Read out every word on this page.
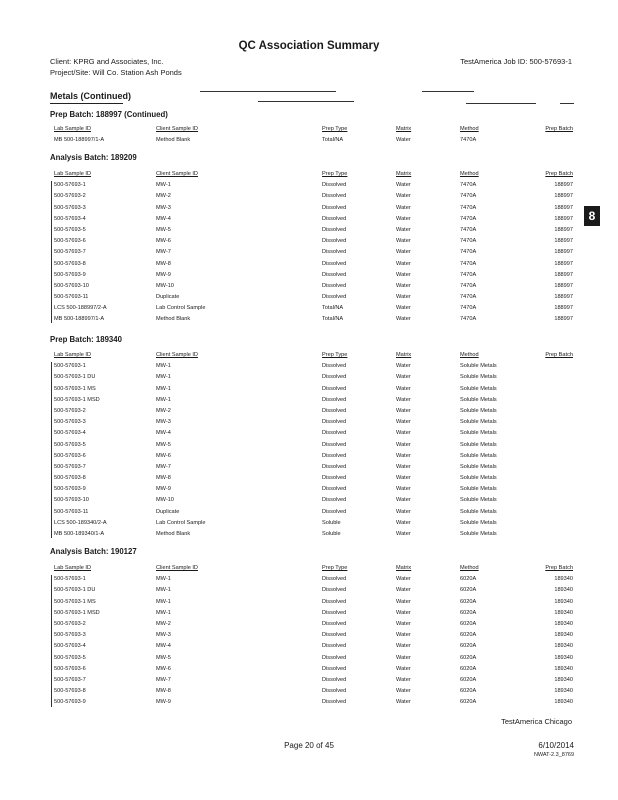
QC Association Summary
Client: KPRG and Associates, Inc.
Project/Site: Will Co. Station Ash Ponds
TestAmerica Job ID: 500-57693-1
Metals (Continued)
8
Prep Batch: 188997 (Continued)
Lab Sample ID	Client Sample ID	Prep Type	Matrix	Method	Prep Batch
MB 500-188997/1-A	Method Blank	Total/NA	Water	7470A
Analysis Batch: 189209
Lab Sample ID	Client Sample ID	Prep Type	Matrix	Method	Prep Batch
500-57693-1	MW-1	Dissolved	Water	7470A	188997
500-57693-2	MW-2	Dissolved	Water	7470A	188997
500-57693-3	MW-3	Dissolved	Water	7470A	188997
500-57693-4	MW-4	Dissolved	Water	7470A	188997
500-57693-5	MW-5	Dissolved	Water	7470A	188997
500-57693-6	MW-6	Dissolved	Water	7470A	188997
500-57693-7	MW-7	Dissolved	Water	7470A	188997
500-57693-8	MW-8	Dissolved	Water	7470A	188997
500-57693-9	MW-9	Dissolved	Water	7470A	188997
500-57693-10	MW-10	Dissolved	Water	7470A	188997
500-57693-11	Duplicate	Dissolved	Water	7470A	188997
LCS 500-188997/2-A	Lab Control Sample	Total/NA	Water	7470A	188997
MB 500-188997/1-A	Method Blank	Total/NA	Water	7470A	188997
Prep Batch: 189340
Lab Sample ID	Client Sample ID	Prep Type	Matrix	Method	Prep Batch
500-57693-1	MW-1	Dissolved	Water	Soluble Metals
500-57693-1 DU	MW-1	Dissolved	Water	Soluble Metals
500-57693-1 MS	MW-1	Dissolved	Water	Soluble Metals
500-57693-1 MSD	MW-1	Dissolved	Water	Soluble Metals
500-57693-2	MW-2	Dissolved	Water	Soluble Metals
500-57693-3	MW-3	Dissolved	Water	Soluble Metals
500-57693-4	MW-4	Dissolved	Water	Soluble Metals
500-57693-5	MW-5	Dissolved	Water	Soluble Metals
500-57693-6	MW-6	Dissolved	Water	Soluble Metals
500-57693-7	MW-7	Dissolved	Water	Soluble Metals
500-57693-8	MW-8	Dissolved	Water	Soluble Metals
500-57693-9	MW-9	Dissolved	Water	Soluble Metals
500-57693-10	MW-10	Dissolved	Water	Soluble Metals
500-57693-11	Duplicate	Dissolved	Water	Soluble Metals
LCS 500-189340/2-A	Lab Control Sample	Soluble	Water	Soluble Metals
MB 500-189340/1-A	Method Blank	Soluble	Water	Soluble Metals
Analysis Batch: 190127
Lab Sample ID	Client Sample ID	Prep Type	Matrix	Method	Prep Batch
500-57693-1	MW-1	Dissolved	Water	6020A	189340
500-57693-1 DU	MW-1	Dissolved	Water	6020A	189340
500-57693-1 MS	MW-1	Dissolved	Water	6020A	189340
500-57693-1 MSD	MW-1	Dissolved	Water	6020A	189340
500-57693-2	MW-2	Dissolved	Water	6020A	189340
500-57693-3	MW-3	Dissolved	Water	6020A	189340
500-57693-4	MW-4	Dissolved	Water	6020A	189340
500-57693-5	MW-5	Dissolved	Water	6020A	189340
500-57693-6	MW-6	Dissolved	Water	6020A	189340
500-57693-7	MW-7	Dissolved	Water	6020A	189340
500-57693-8	MW-8	Dissolved	Water	6020A	189340
500-57693-9	MW-9	Dissolved	Water	6020A	189340
TestAmerica Chicago
Page 20 of 45	6/10/2014
NWAT-2.3_8769
